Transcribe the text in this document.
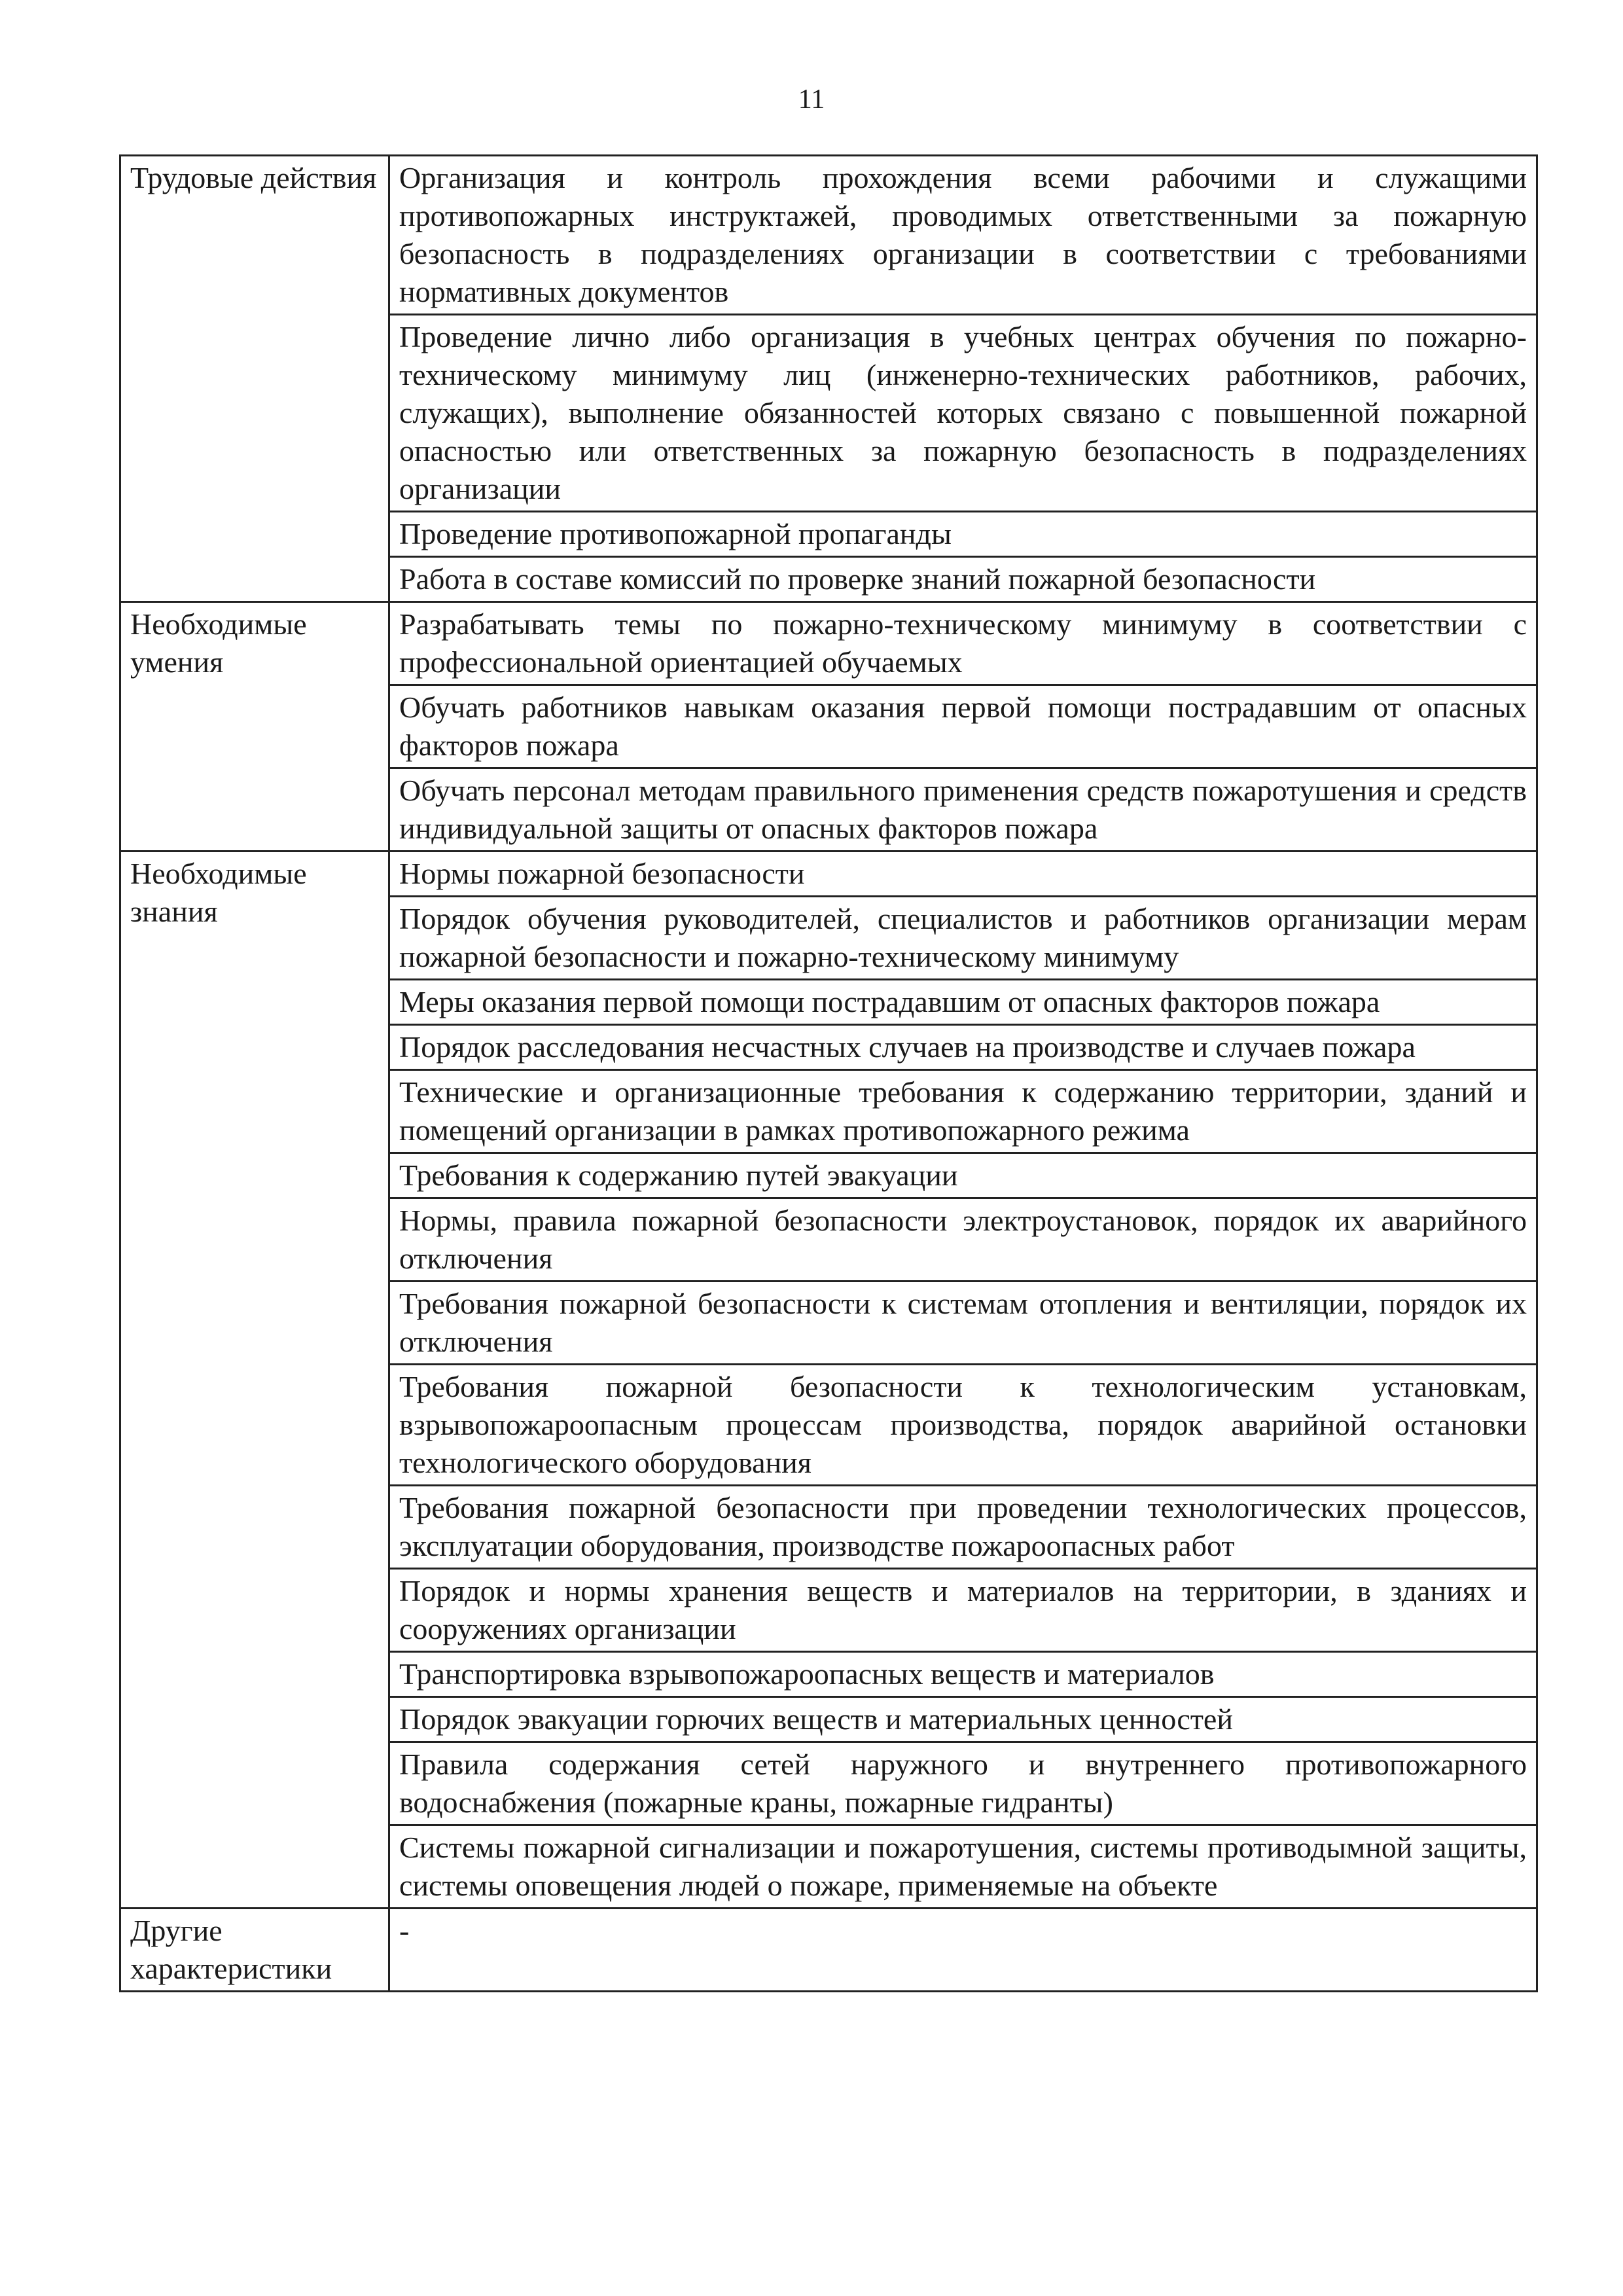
11
Трудовые действия	Организация и контроль прохождения всеми рабочими и служащими противопожарных инструктажей, проводимых ответственными за пожарную безопасность в подразделениях организации в соответствии с требованиями нормативных документов
	Проведение лично либо организация в учебных центрах обучения по пожарно-техническому минимуму лиц (инженерно-технических работников, рабочих, служащих), выполнение обязанностей которых связано с повышенной пожарной опасностью или ответственных за пожарную безопасность в подразделениях организации
	Проведение противопожарной пропаганды
	Работа в составе комиссий по проверке знаний пожарной безопасности
Необходимые умения	Разрабатывать темы по пожарно-техническому минимуму в соответствии с профессиональной ориентацией обучаемых
	Обучать работников навыкам оказания первой помощи пострадавшим от опасных факторов пожара
	Обучать персонал методам правильного применения средств пожаротушения и средств индивидуальной защиты от опасных факторов пожара
Необходимые знания	Нормы пожарной безопасности
	Порядок обучения руководителей, специалистов и работников организации мерам пожарной безопасности и пожарно-техническому минимуму
	Меры оказания первой помощи пострадавшим от опасных факторов пожара
	Порядок расследования несчастных случаев на производстве и случаев пожара
	Технические и организационные требования к содержанию территории, зданий и помещений организации в рамках противопожарного режима
	Требования к содержанию путей эвакуации
	Нормы, правила пожарной безопасности электроустановок, порядок их аварийного отключения
	Требования пожарной безопасности к системам отопления и вентиляции, порядок их отключения
	Требования пожарной безопасности к технологическим установкам, взрывопожароопасным процессам производства, порядок аварийной остановки технологического оборудования
	Требования пожарной безопасности при проведении технологических процессов, эксплуатации оборудования, производстве пожароопасных работ
	Порядок и нормы хранения веществ и материалов на территории, в зданиях и сооружениях организации
	Транспортировка взрывопожароопасных веществ и материалов
	Порядок эвакуации горючих веществ и материальных ценностей
	Правила содержания сетей наружного и внутреннего противопожарного водоснабжения (пожарные краны, пожарные гидранты)
	Системы пожарной сигнализации и пожаротушения, системы противодымной защиты, системы оповещения людей о пожаре, применяемые на объекте
Другие характеристики	-
